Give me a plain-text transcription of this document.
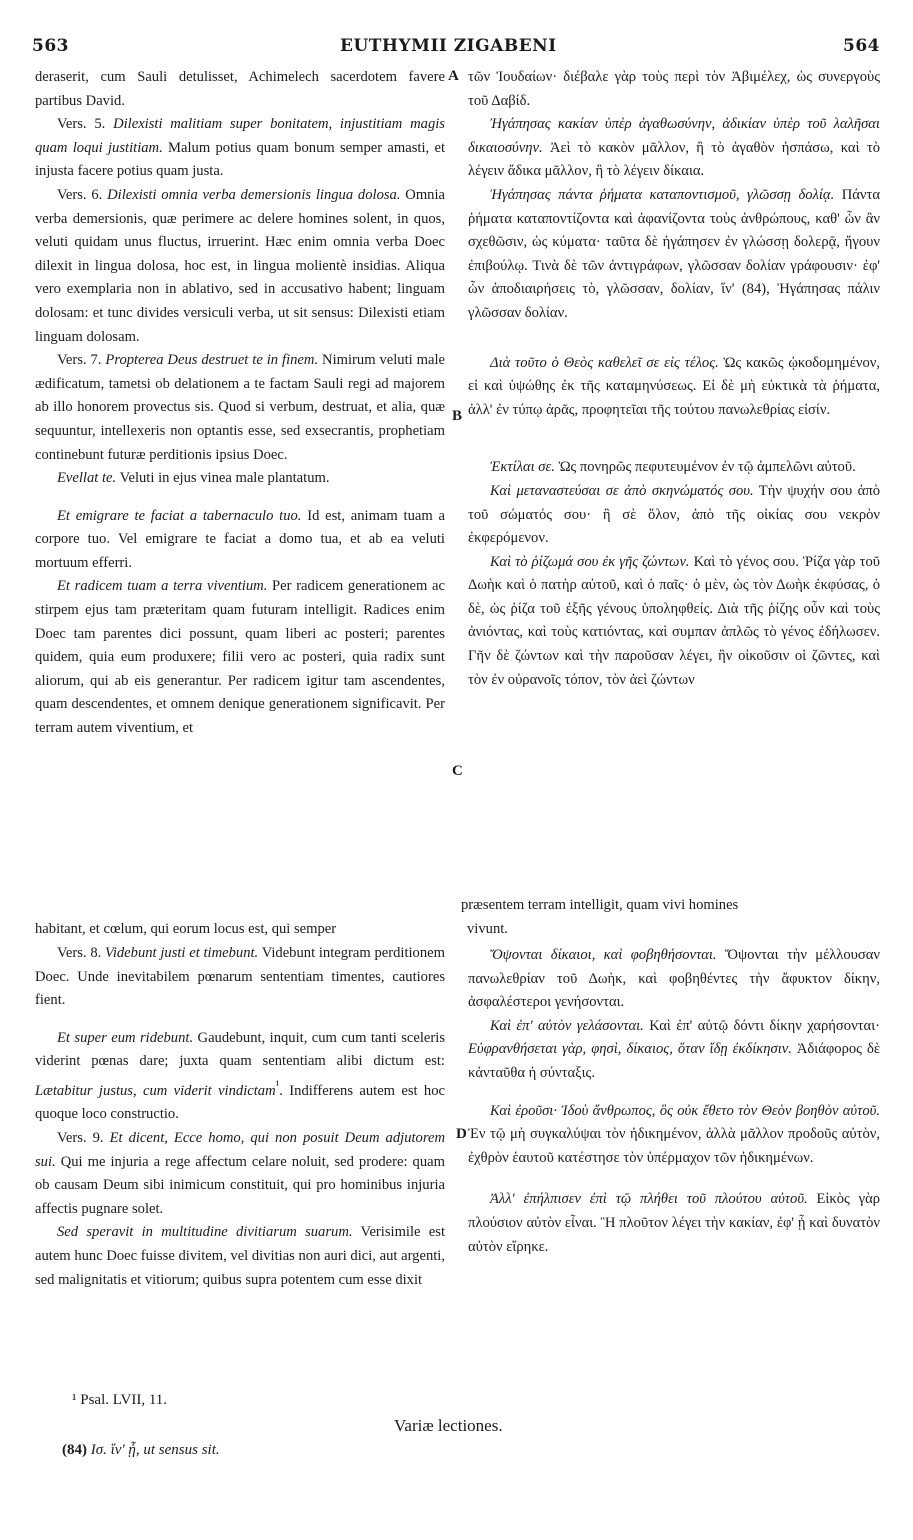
563	EUTHYMII ZIGABENI	564
A
B
C
D

deraserit, cum Sauli detulisset, Achimelech sacerdotem favere partibus David.

Vers. 5. Dilexisti malitiam super bonitatem, injustitiam magis quam loqui justitiam. Malum potius quam bonum semper amasti, et injusta facere potius quam justa.

Vers. 6. Dilexisti omnia verba demersionis lingua dolosa. Omnia verba demersionis, quæ perimere ac delere homines solent, in quos, veluti quidam unus fluctus, irruerint. Hæc enim omnia verba Doec dilexit in lingua dolosa, hoc est, in lingua molientè insidias. Aliqua vero exemplaria non in ablativo, sed in accusativo habent; linguam dolosam: et tunc divides versiculi verba, ut sit sensus: Dilexisti etiam linguam dolosam.

Vers. 7. Propterea Deus destruet te in finem. Nimirum veluti male ædificatum, tametsi ob delationem a te factam Sauli regi ad majorem ab illo honorem provectus sis. Quod si verbum, destruat, et alia, quæ sequuntur, intellexeris non optantis esse, sed exsecrantis, prophetiam continebunt futuræ perditionis ipsius Doec.

Evellat te. Veluti in ejus vinea male plantatum.

Et emigrare te faciat a tabernaculo tuo. Id est, animam tuam a corpore tuo. Vel emigrare te faciat a domo tua, et ab ea veluti mortuum efferri.

Et radicem tuam a terra viventium. Per radicem generationem ac stirpem ejus tam præteritam quam futuram intelligit. Radices enim Doec tam parentes dici possunt, quam liberi ac posteri; parentes quidem, quia eum produxere; filii vero ac posteri, quia radix sunt aliorum, qui ab eis generantur. Per radicem igitur tam ascendentes, quam descendentes, et omnem denique generationem significavit. Per terram autem viventium, et

præsentem terram intelligit, quam vivi homines
habitant, et cœlum, qui eorum locus est, qui semper	vivunt.

Vers. 8. Videbunt justi et timebunt. Videbunt integram perditionem Doec. Unde inevitabilem pœnarum sententiam timentes, cautiores fient.

Et super eum ridebunt. Gaudebunt, inquit, cum cum tanti sceleris viderint pœnas dare; juxta quam sententiam alibi dictum est: Lætabitur justus, cum viderit vindictam$^{^1}$. Indifferens autem est hoc quoque loco constructio.

Vers. 9. Et dicent, Ecce homo, qui non posuit Deum adjutorem sui. Qui me injuria a rege affectum celare noluit, sed prodere: quam ob causam Deum sibi inimicum constituit, qui pro hominibus injuria affectis pugnare solet.

Sed speravit in multitudine divitiarum suarum. Verisimile est autem hunc Doec fuisse divitem, vel divitias non auri dici, aut argenti, sed malignitatis et vitiorum; quibus supra potentem cum esse dixit

τῶν Ἰουδαίων· διέβαλε γὰρ τοὺς περὶ τὸν Ἀβιμέλεχ, ὡς συνεργοὺς τοῦ Δαβίδ.

Ἠγάπησας κακίαν ὑπὲρ ἀγαθωσύνην, ἀδικίαν ὑπὲρ τοῦ λαλῆσαι δικαιοσύνην. Ἀεὶ τὸ κακὸν μᾶλλον, ἢ τὸ ἀγαθὸν ἠσπάσω, καὶ τὸ λέγειν ἄδικα μᾶλλον, ἢ τὸ λέγειν δίκαια.

Ἠγάπησας πάντα ῥήματα καταποντισμοῦ, γλῶσσῃ δολίᾳ. Πάντα ῥήματα καταποντίζοντα καὶ ἀφανίζοντα τοὺς ἀνθρώπους, καθ' ὧν ἂν σχεθῶσιν, ὡς κύματα· ταῦτα δὲ ἠγάπησεν ἐν γλώσσῃ δολερᾷ, ἤγουν ἐπιβούλῳ. Τινὰ δὲ τῶν ἀντιγράφων, γλῶσσαν δολίαν γράφουσιν· ἐφ' ὧν ἀποδιαιρήσεις τὸ, γλῶσσαν, δολίαν, ἵν' (84), Ἠγάπησας πάλιν γλῶσσαν δολίαν.

Διὰ τοῦτο ὁ Θεὸς καθελεῖ σε εἰς τέλος. Ὡς κακῶς ᾠκοδομημένον, εἰ καὶ ὑψώθης ἐκ τῆς καταμηνύσεως. Εἰ δὲ μὴ εὐκτικὰ τὰ ῥήματα, ἀλλ' ἐν τύπῳ ἀρᾶς, προφητεῖαι τῆς τούτου πανωλεθρίας εἰσίν.

Ἐκτίλαι σε. Ὡς πονηρῶς πεφυτευμένον ἐν τῷ ἀμπελῶνι αὐτοῦ.

Καὶ μεταναστεύσαι σε ἀπὸ σκηνώματός σου. Τὴν ψυχήν σου ἀπὸ τοῦ σώματός σου· ἢ σὲ ὅλον, ἀπὸ τῆς οἰκίας σου νεκρὸν ἐκφερόμενον.

Καὶ τὸ ῥίζωμά σου ἐκ γῆς ζώντων. Καὶ τὸ γένος σου. Ῥίζα γὰρ τοῦ Δωὴκ καὶ ὁ πατὴρ αὐτοῦ, καὶ ὁ παῖς· ὁ μὲν, ὡς τὸν Δωὴκ ἐκφύσας, ὁ δὲ, ὡς ῥίζα τοῦ ἐξῆς γένους ὑποληφθείς. Διὰ τῆς ῥίζης οὖν καὶ τοὺς ἀνιόντας, καὶ τοὺς κατιόντας, καὶ συμπαν ἁπλῶς τὸ γένος ἐδήλωσεν. Γῆν δὲ ζώντων καὶ τὴν παροῦσαν λέγει, ἣν οἰκοῦσιν οἱ ζῶντες, καὶ τὸν ἐν οὐρανοῖς τόπον, τὸν ἀεὶ ζώντων

Ὄψονται δίκαιοι, καὶ φοβηθήσονται. Ὄψονται τὴν μέλλουσαν πανωλεθρίαν τοῦ Δωὴκ, καὶ φοβηθέντες τὴν ἄφυκτον δίκην, ἀσφαλέστεροι γενήσονται.

Καὶ ἐπ' αὐτὸν γελάσονται. Καὶ ἐπ' αὐτῷ δόντι δίκην χαρήσονται· Εὐφρανθήσεται γὰρ, φησὶ, δίκαιος, ὅταν ἴδῃ ἐκδίκησιν. Ἀδιάφορος δὲ κἀνταῦθα ἡ σύνταξις.

Καὶ ἐροῦσι· Ἰδοὺ ἄνθρωπος, ὃς οὐκ ἔθετο τὸν Θεὸν βοηθὸν αὐτοῦ. Ἐν τῷ μὴ συγκαλύψαι τὸν ἠδικημένον, ἀλλὰ μᾶλλον προδοῦς αὐτὸν, ἐχθρὸν ἑαυτοῦ κατέστησε τὸν ὑπέρμαχον τῶν ἠδικημένων.

Ἀλλ' ἐπήλπισεν ἐπὶ τῷ πλήθει τοῦ πλούτου αὐτοῦ. Εἰκὸς γὰρ πλούσιον αὐτὸν εἶναι. Ἢ πλοῦτον λέγει τὴν κακίαν, ἐφ' ᾗ καὶ δυνατὸν αὐτὸν εἴρηκε.

¹ Psal. LVII, 11.
Variæ lectiones.
(84) Ισ. ἵν' ᾖ, ut sensus sit.
